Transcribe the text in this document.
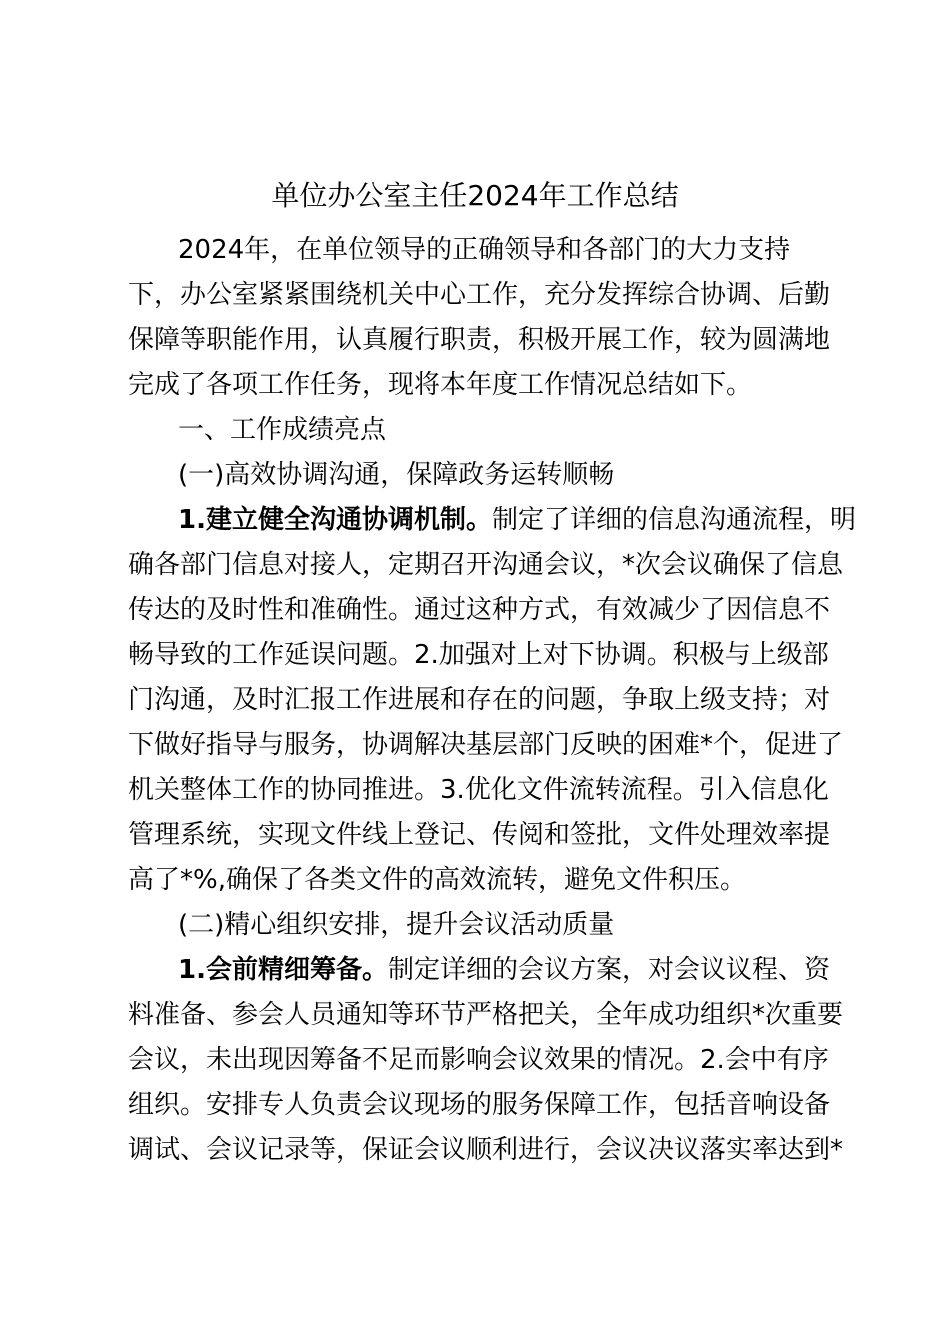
单位办公室主任2024年工作总结

2024年，在单位领导的正确领导和各部门的大力支持

下，办公室紧紧围绕机关中心工作，充分发挥综合协调、后勤

保障等职能作用，认真履行职责，积极开展工作，较为圆满地

完成了各项工作任务，现将本年度工作情况总结如下。

一、工作成绩亮点

(一)高效协调沟通，保障政务运转顺畅

1.建立健全沟通协调机制。制定了详细的信息沟通流程，明

确各部门信息对接人，定期召开沟通会议，*次会议确保了信息

传达的及时性和准确性。通过这种方式，有效减少了因信息不

畅导致的工作延误问题。2.加强对上对下协调。积极与上级部

门沟通，及时汇报工作进展和存在的问题，争取上级支持；对

下做好指导与服务，协调解决基层部门反映的困难*个，促进了

机关整体工作的协同推进。3.优化文件流转流程。引入信息化

管理系统，实现文件线上登记、传阅和签批，文件处理效率提

高了*%,确保了各类文件的高效流转，避免文件积压。

(二)精心组织安排，提升会议活动质量

1.会前精细筹备。制定详细的会议方案，对会议议程、资

料准备、参会人员通知等环节严格把关，全年成功组织*次重要

会议，未出现因筹备不足而影响会议效果的情况。2.会中有序

组织。安排专人负责会议现场的服务保障工作，包括音响设备

调试、会议记录等，保证会议顺利进行，会议决议落实率达到*
